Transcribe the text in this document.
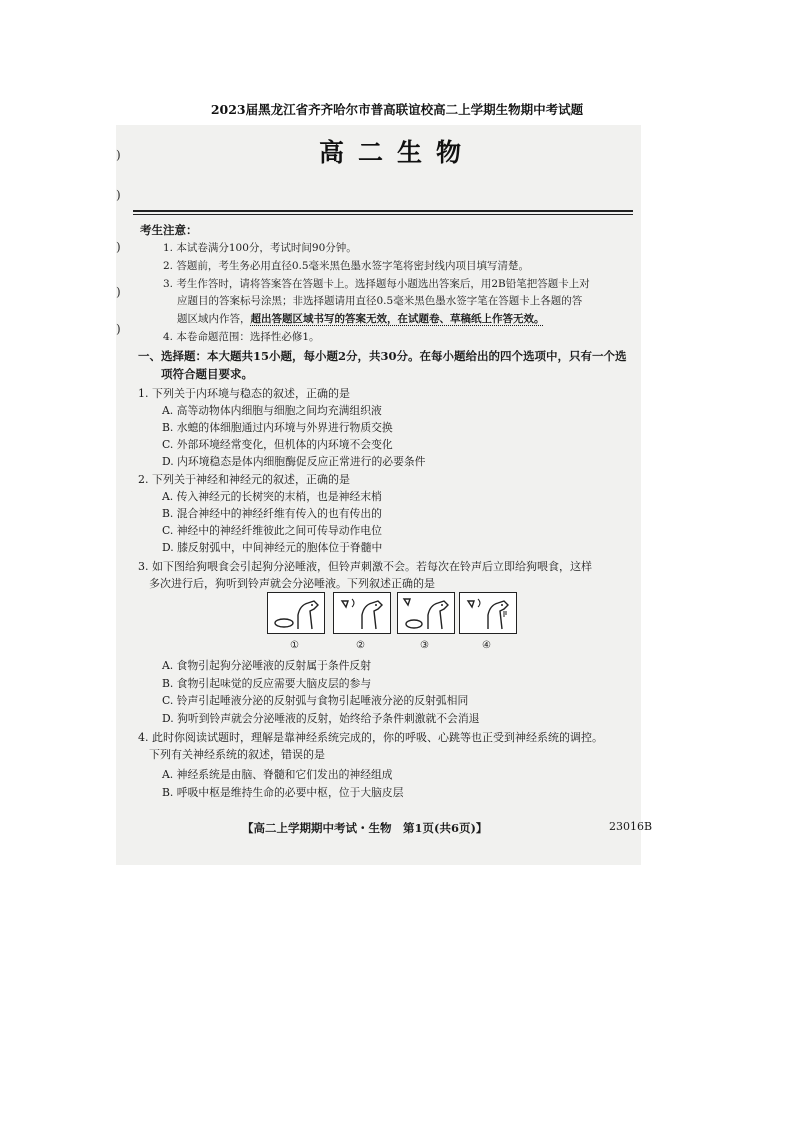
2023届黑龙江省齐齐哈尔市普高联谊校高二上学期生物期中考试题
高二生物
)
)
)
)
)
考生注意：
1. 本试卷满分100分，考试时间90分钟。
2. 答题前，考生务必用直径0.5毫米黑色墨水签字笔将密封线内项目填写清楚。
3. 考生作答时，请将答案答在答题卡上。选择题每小题选出答案后，用2B铅笔把答题卡上对
应题目的答案标号涂黑；非选择题请用直径0.5毫米黑色墨水签字笔在答题卡上各题的答
题区域内作答，超出答题区域书写的答案无效，在试题卷、草稿纸上作答无效。
4. 本卷命题范围：选择性必修1。
一、选择题：本大题共15小题，每小题2分，共30分。在每小题给出的四个选项中，只有一个选
项符合题目要求。
1. 下列关于内环境与稳态的叙述，正确的是
A. 高等动物体内细胞与细胞之间均充满组织液
B. 水螅的体细胞通过内环境与外界进行物质交换
C. 外部环境经常变化，但机体的内环境不会变化
D. 内环境稳态是体内细胞酶促反应正常进行的必要条件
2. 下列关于神经和神经元的叙述，正确的是
A. 传入神经元的长树突的末梢，也是神经末梢
B. 混合神经中的神经纤维有传入的也有传出的
C. 神经中的神经纤维彼此之间可传导动作电位
D. 膝反射弧中，中间神经元的胞体位于脊髓中
3. 如下图给狗喂食会引起狗分泌唾液，但铃声刺激不会。若每次在铃声后立即给狗喂食，这样
多次进行后，狗听到铃声就会分泌唾液。下列叙述正确的是
①	②	③	④
A. 食物引起狗分泌唾液的反射属于条件反射
B. 食物引起味觉的反应需要大脑皮层的参与
C. 铃声引起唾液分泌的反射弧与食物引起唾液分泌的反射弧相同
D. 狗听到铃声就会分泌唾液的反射，始终给予条件刺激就不会消退
4. 此时你阅读试题时，理解是靠神经系统完成的，你的呼吸、心跳等也正受到神经系统的调控。
下列有关神经系统的叙述，错误的是
A. 神经系统是由脑、脊髓和它们发出的神经组成
B. 呼吸中枢是维持生命的必要中枢，位于大脑皮层
【高二上学期期中考试・生物　第1页(共6页)】	23016B
